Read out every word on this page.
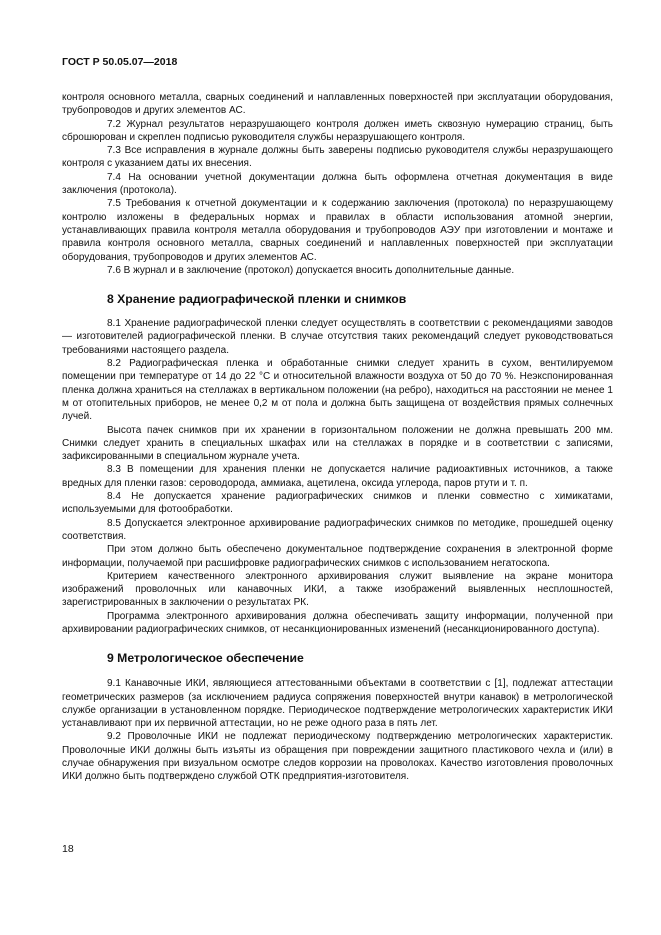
ГОСТ Р 50.05.07—2018

контроля основного металла, сварных соединений и наплавленных поверхностей при эксплуатации оборудования, трубопроводов и других элементов АС.

7.2 Журнал результатов неразрушающего контроля должен иметь сквозную нумерацию страниц, быть сброшюрован и скреплен подписью руководителя службы неразрушающего контроля.

7.3 Все исправления в журнале должны быть заверены подписью руководителя службы неразрушающего контроля с указанием даты их внесения.

7.4 На основании учетной документации должна быть оформлена отчетная документация в виде заключения (протокола).

7.5 Требования к отчетной документации и к содержанию заключения (протокола) по неразрушающему контролю изложены в федеральных нормах и правилах в области использования атомной энергии, устанавливающих правила контроля металла оборудования и трубопроводов АЭУ при изготовлении и монтаже и правила контроля основного металла, сварных соединений и наплавленных поверхностей при эксплуатации оборудования, трубопроводов и других элементов АС.

7.6 В журнал и в заключение (протокол) допускается вносить дополнительные данные.

8 Хранение радиографической пленки и снимков

8.1 Хранение радиографической пленки следует осуществлять в соответствии с рекомендациями заводов — изготовителей радиографической пленки. В случае отсутствия таких рекомендаций следует руководствоваться требованиями настоящего раздела.

8.2 Радиографическая пленка и обработанные снимки следует хранить в сухом, вентилируемом помещении при температуре от 14 до 22 °С и относительной влажности воздуха от 50 до 70 %. Неэкспонированная пленка должна храниться на стеллажах в вертикальном положении (на ребро), находиться на расстоянии не менее 1 м от отопительных приборов, не менее 0,2 м от пола и должна быть защищена от воздействия прямых солнечных лучей.

Высота пачек снимков при их хранении в горизонтальном положении не должна превышать 200 мм. Снимки следует хранить в специальных шкафах или на стеллажах в порядке и в соответствии с записями, зафиксированными в специальном журнале учета.

8.3 В помещении для хранения пленки не допускается наличие радиоактивных источников, а также вредных для пленки газов: сероводорода, аммиака, ацетилена, оксида углерода, паров ртути и т. п.

8.4 Не допускается хранение радиографических снимков и пленки совместно с химикатами, используемыми для фотообработки.

8.5 Допускается электронное архивирование радиографических снимков по методике, прошедшей оценку соответствия.

При этом должно быть обеспечено документальное подтверждение сохранения в электронной форме информации, получаемой при расшифровке радиографических снимков с использованием негатоскопа.

Критерием качественного электронного архивирования служит выявление на экране монитора изображений проволочных или канавочных ИКИ, а также изображений выявленных несплошностей, зарегистрированных в заключении о результатах РК.

Программа электронного архивирования должна обеспечивать защиту информации, полученной при архивировании радиографических снимков, от несанкционированных изменений (несанкционированного доступа).

9 Метрологическое обеспечение

9.1 Канавочные ИКИ, являющиеся аттестованными объектами в соответствии с [1], подлежат аттестации геометрических размеров (за исключением радиуса сопряжения поверхностей внутри канавок) в метрологической службе организации в установленном порядке. Периодическое подтверждение метрологических характеристик ИКИ устанавливают при их первичной аттестации, но не реже одного раза в пять лет.

9.2 Проволочные ИКИ не подлежат периодическому подтверждению метрологических характеристик. Проволочные ИКИ должны быть изъяты из обращения при повреждении защитного пластикового чехла и (или) в случае обнаружения при визуальном осмотре следов коррозии на проволоках. Качество изготовления проволочных ИКИ должно быть подтверждено службой ОТК предприятия-изготовителя.

18
